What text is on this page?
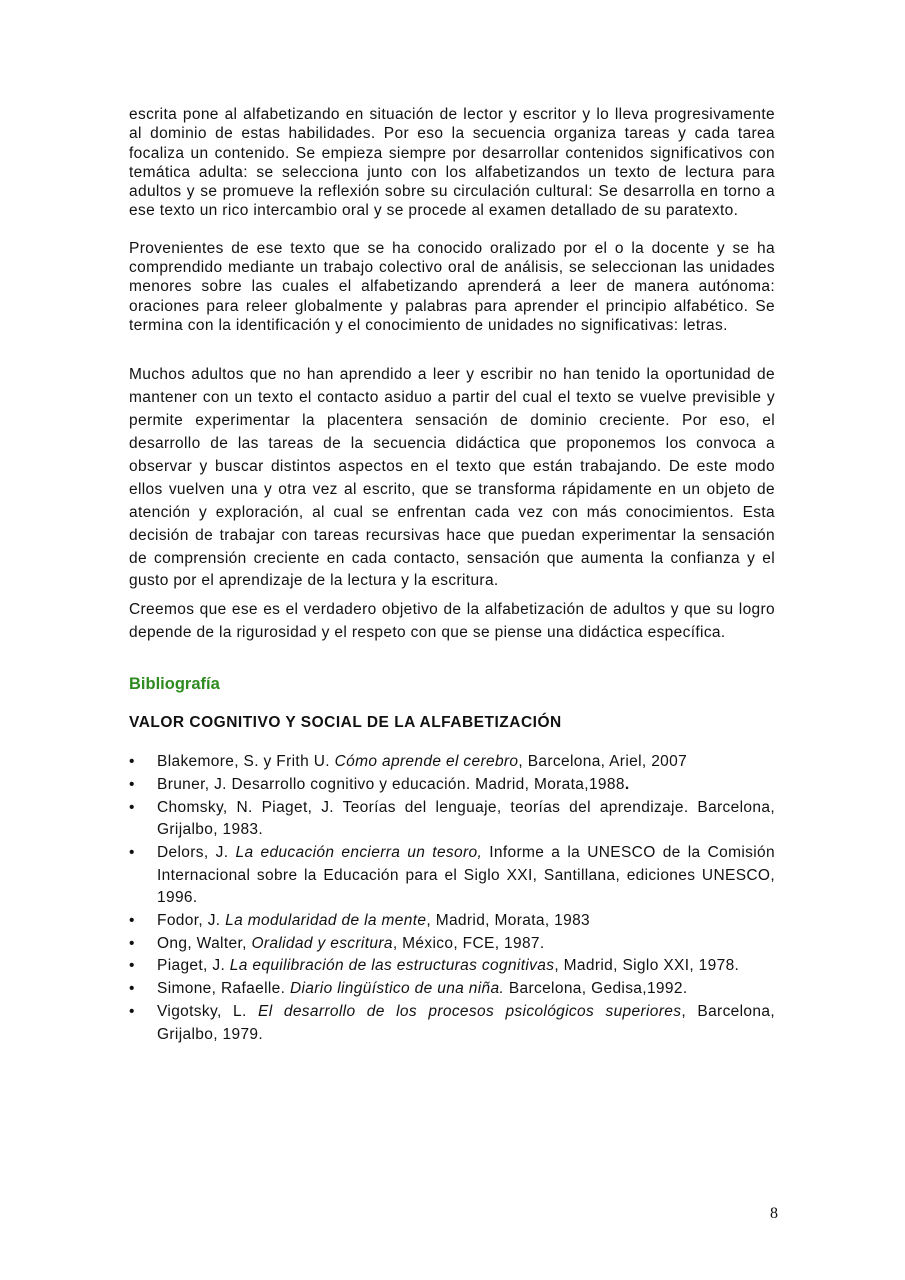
escrita pone al alfabetizando en situación de lector y escritor y lo lleva progresivamente al dominio de estas habilidades. Por eso la secuencia organiza tareas y cada tarea focaliza un contenido. Se empieza siempre por desarrollar contenidos significativos con temática adulta: se selecciona junto con los alfabetizandos un texto de lectura para adultos y se promueve la reflexión sobre su circulación cultural: Se desarrolla en torno a ese texto un rico intercambio oral y se procede al examen detallado de su paratexto.

Provenientes de ese texto que se ha conocido oralizado por el o la docente y se ha comprendido mediante un trabajo colectivo oral de análisis, se seleccionan las unidades menores sobre las cuales el alfabetizando aprenderá a leer de manera autónoma: oraciones para releer globalmente y palabras para aprender el principio alfabético. Se termina con la identificación y el conocimiento de unidades no significativas: letras.

Muchos adultos que no han aprendido a leer y escribir no han tenido la oportunidad de mantener con un texto el contacto asiduo a partir del cual el texto se vuelve previsible y permite experimentar la placentera sensación de dominio creciente. Por eso, el desarrollo de las tareas de la secuencia didáctica que proponemos los convoca a observar y buscar distintos aspectos en el texto que están trabajando. De este modo ellos vuelven una y otra vez al escrito, que se transforma rápidamente en un objeto de atención y exploración, al cual se enfrentan cada vez con más conocimientos. Esta decisión de trabajar con tareas recursivas hace que puedan experimentar la sensación de comprensión creciente en cada contacto, sensación que aumenta la confianza y el gusto por el aprendizaje de la lectura y la escritura.

Creemos que ese es el verdadero objetivo de la alfabetización de adultos y que su logro depende de la rigurosidad y el respeto con que se piense una didáctica específica.

Bibliografía
VALOR COGNITIVO Y SOCIAL DE LA ALFABETIZACIÓN
• Blakemore, S. y Frith U. Cómo aprende el cerebro, Barcelona, Ariel, 2007
• Bruner, J. Desarrollo cognitivo y educación. Madrid, Morata,1988.
• Chomsky, N. Piaget, J. Teorías del lenguaje, teorías del aprendizaje. Barcelona, Grijalbo, 1983.
• Delors, J. La educación encierra un tesoro, Informe a la UNESCO de la Comisión Internacional sobre la Educación para el Siglo XXI, Santillana, ediciones UNESCO, 1996.
• Fodor, J. La modularidad de la mente, Madrid, Morata, 1983
• Ong, Walter, Oralidad y escritura, México, FCE, 1987.
• Piaget, J. La equilibración de las estructuras cognitivas, Madrid, Siglo XXI, 1978.
• Simone, Rafaelle. Diario lingüístico de una niña. Barcelona, Gedisa,1992.
• Vigotsky, L. El desarrollo de los procesos psicológicos superiores, Barcelona, Grijalbo, 1979.
8
